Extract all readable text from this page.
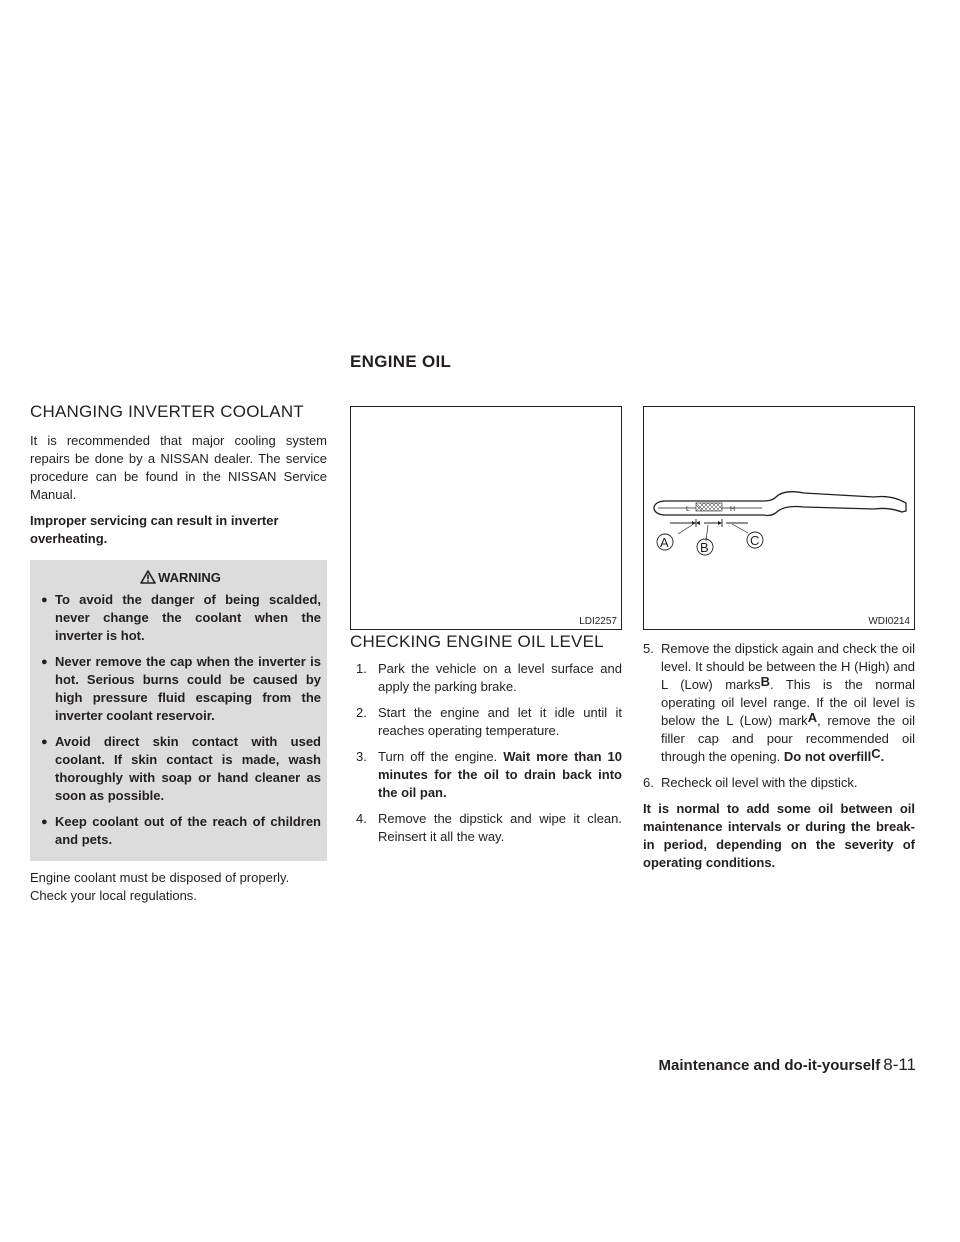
ENGINE OIL
CHANGING INVERTER COOLANT

It is recommended that major cooling system repairs be done by a NISSAN dealer. The service procedure can be found in the NISSAN Service Manual.

Improper servicing can result in inverter overheating.

WARNING
● To avoid the danger of being scalded, never change the coolant when the inverter is hot.
● Never remove the cap when the inverter is hot. Serious burns could be caused by high pressure fluid escaping from the inverter coolant reservoir.
● Avoid direct skin contact with used coolant. If skin contact is made, wash thoroughly with soap or hand cleaner as soon as possible.
● Keep coolant out of the reach of children and pets.

Engine coolant must be disposed of properly. Check your local regulations.

LDI2257
L	H
A B	C
WDI0214
CHECKING ENGINE OIL LEVEL
1. Park the vehicle on a level surface and apply the parking brake.
2. Start the engine and let it idle until it reaches operating temperature.
3. Turn off the engine. Wait more than 10 minutes for the oil to drain back into the oil pan.
4. Remove the dipstick and wipe it clean. Reinsert it all the way.
5. Remove the dipstick again and check the oil level. It should be between the H (High) and L (Low) marksB. This is the normal operating oil level range. If the oil level is below the L (Low) markA, remove the oil filler cap and pour recommended oil through the opening. Do not overfillC.
6. Recheck oil level with the dipstick.

It is normal to add some oil between oil maintenance intervals or during the break-in period, depending on the severity of operating conditions.

Maintenance and do-it-yourself 8-11
